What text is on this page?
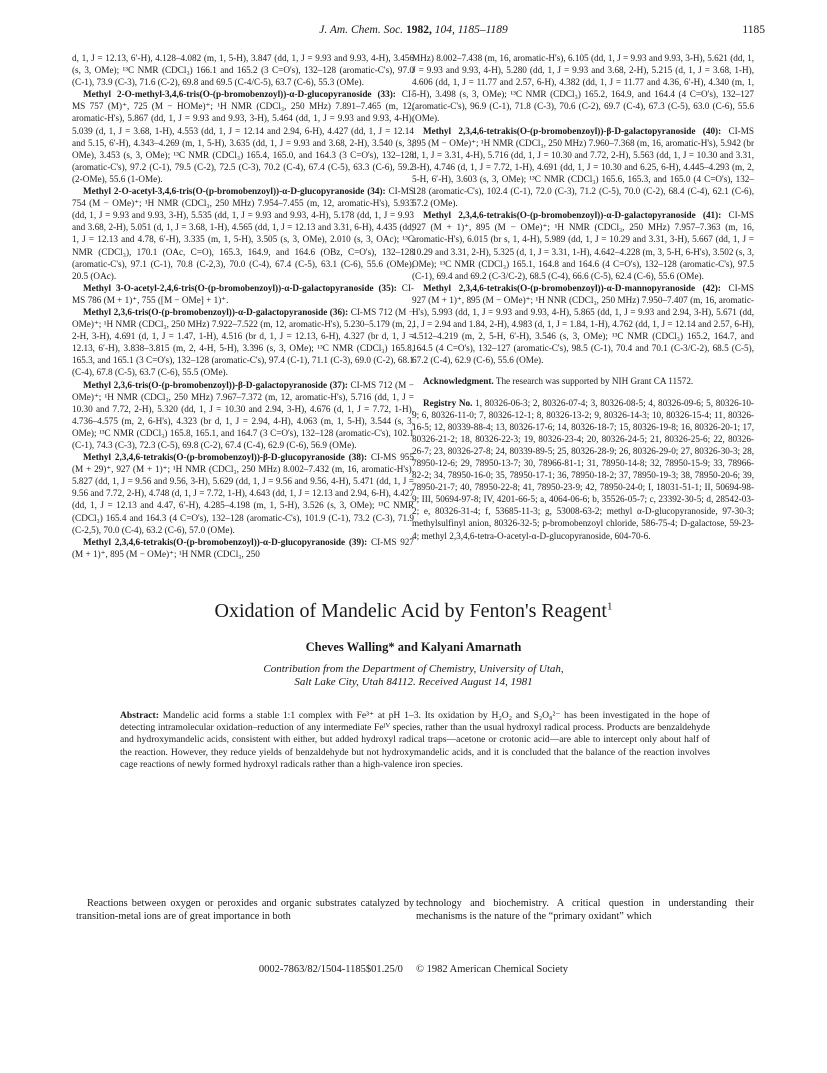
J. Am. Chem. Soc. 1982, 104, 1185–1189	1185

d, 1, J = 12.13, 6′-H), 4.128–4.082 (m, 1, 5-H), 3.847 (dd, 1, J = 9.93 and 9.93, 4-H), 3.456 (s, 3, OMe); ¹³C NMR (CDCl₃) 166.1 and 165.2 (3 C=O's), 132–128 (aromatic-C's), 97.0 (C-1), 73.9 (C-3), 71.6 (C-2), 69.8 and 69.5 (C-4/C-5), 63.7 (C-6), 55.3 (OMe).

Methyl 2-O-methyl-3,4,6-tris(O-(p-bromobenzoyl))-α-D-glucopyranoside (33): CI-MS 757 (M)⁺, 725 (M − HOMe)⁺; ¹H NMR (CDCl₃, 250 MHz) 7.891–7.465 (m, 12, aromatic-H's), 5.867 (dd, 1, J = 9.93 and 9.93, 3-H), 5.464 (dd, 1, J = 9.93 and 9.93, 4-H), 5.039 (d, 1, J = 3.68, 1-H), 4.553 (dd, 1, J = 12.14 and 2.94, 6-H), 4.427 (dd, 1, J = 12.14 and 5.15, 6′-H), 4.343–4.269 (m, 1, 5-H), 3.635 (dd, 1, J = 9.93 and 3.68, 2-H), 3.540 (s, 3, OMe), 3.453 (s, 3, OMe); ¹³C NMR (CDCl₃) 165.4, 165.0, and 164.3 (3 C=O's), 132–128 (aromatic-C's), 97.2 (C-1), 79.5 (C-2), 72.5 (C-3), 70.2 (C-4), 67.4 (C-5), 63.3 (C-6), 59.2 (2-OMe), 55.6 (1-OMe).

Methyl 2-O-acetyl-3,4,6-tris(O-(p-bromobenzoyl))-α-D-glucopyranoside (34): CI-MS 754 (M − OMe)⁺; ¹H NMR (CDCl₃, 250 MHz) 7.954–7.455 (m, 12, aromatic-H's), 5.933 (dd, 1, J = 9.93 and 9.93, 3-H), 5.535 (dd, 1, J = 9.93 and 9.93, 4-H), 5.178 (dd, 1, J = 9.93 and 3.68, 2-H), 5.051 (d, 1, J = 3.68, 1-H), 4.565 (dd, 1, J = 12.13 and 3.31, 6-H), 4.435 (dd, 1, J = 12.13 and 4.78, 6′-H), 3.335 (m, 1, 5-H), 3.505 (s, 3, OMe), 2.010 (s, 3, OAc); ¹³C NMR (CDCl₃), 170.1 (OAc, C=O), 165.3, 164.9, and 164.6 (OBz, C=O's), 132–128 (aromatic-C's), 97.1 (C-1), 70.8 (C-2,3), 70.0 (C-4), 67.4 (C-5), 63.1 (C-6), 55.6 (OMe), 20.5 (OAc).

Methyl 3-O-acetyl-2,4,6-tris(O-(p-bromobenzoyl))-α-D-galactopyranoside (35): CI-MS 786 (M + 1)⁺, 755 ([M − OMe] + 1)⁺.

Methyl 2,3,6-tris(O-(p-bromobenzoyl))-α-D-galactopyranoside (36): CI-MS 712 (M − OMe)⁺; ¹H NMR (CDCl₃, 250 MHz) 7.922–7.522 (m, 12, aromatic-H's), 5.230–5.179 (m, 2, 2-H, 3-H), 4.691 (d, 1, J = 1.47, 1-H), 4.516 (br d, 1, J = 12.13, 6-H), 4.327 (br d, 1, J = 12.13, 6′-H), 3.838–3.815 (m, 2, 4-H, 5-H), 3.396 (s, 3, OMe); ¹³C NMR (CDCl₃) 165.8, 165.3, and 165.1 (3 C=O's), 132–128 (aromatic-C's), 97.4 (C-1), 71.1 (C-3), 69.0 (C-2), 68.1 (C-4), 67.8 (C-5), 63.7 (C-6), 55.5 (OMe).

Methyl 2,3,6-tris(O-(p-bromobenzoyl))-β-D-galactopyranoside (37): CI-MS 712 (M − OMe)⁺; ¹H NMR (CDCl₃, 250 MHz) 7.967–7.372 (m, 12, aromatic-H's), 5.716 (dd, 1, J = 10.30 and 7.72, 2-H), 5.320 (dd, 1, J = 10.30 and 2.94, 3-H), 4.676 (d, 1, J = 7.72, 1-H), 4.736–4.575 (m, 2, 6-H's), 4.323 (br d, 1, J = 2.94, 4-H), 4.063 (m, 1, 5-H), 3.544 (s, 3, OMe); ¹³C NMR (CDCl₃) 165.8, 165.1, and 164.7 (3 C=O's), 132–128 (aromatic-C's), 102.1 (C-1), 74.3 (C-3), 72.3 (C-5), 69.8 (C-2), 67.4 (C-4), 62.9 (C-6), 56.9 (OMe).

Methyl 2,3,4,6-tetrakis(O-(p-bromobenzoyl))-β-D-glucopyranoside (38): CI-MS 955 (M + 29)⁺, 927 (M + 1)⁺; ¹H NMR (CDCl₃, 250 MHz) 8.002–7.432 (m, 16, aromatic-H's), 5.827 (dd, 1, J = 9.56 and 9.56, 3-H), 5.629 (dd, 1, J = 9.56 and 9.56, 4-H), 5.471 (dd, 1, J = 9.56 and 7.72, 2-H), 4.748 (d, 1, J = 7.72, 1-H), 4.643 (dd, 1, J = 12.13 and 2.94, 6-H), 4.427 (dd, 1, J = 12.13 and 4.47, 6′-H), 4.285–4.198 (m, 1, 5-H), 3.526 (s, 3, OMe); ¹³C NMR (CDCl₃) 165.4 and 164.3 (4 C=O's), 132–128 (aromatic-C's), 101.9 (C-1), 73.2 (C-3), 71.9 (C-2,5), 70.0 (C-4), 63.2 (C-6), 57.0 (OMe).

Methyl 2,3,4,6-tetrakis(O-(p-bromobenzoyl))-α-D-glucopyranoside (39): CI-MS 927 (M + 1)⁺, 895 (M − OMe)⁺; ¹H NMR (CDCl₃, 250

MHz) 8.002–7.438 (m, 16, aromatic-H's), 6.105 (dd, 1, J = 9.93 and 9.93, 3-H), 5.621 (dd, 1, J = 9.93 and 9.93, 4-H), 5.280 (dd, 1, J = 9.93 and 3.68, 2-H), 5.215 (d, 1, J = 3.68, 1-H), 4.606 (dd, 1, J = 11.77 and 2.57, 6-H), 4.382 (dd, 1, J = 11.77 and 4.36, 6′-H), 4.340 (m, 1, 5-H), 3.498 (s, 3, OMe); ¹³C NMR (CDCl₃) 165.2, 164.9, and 164.4 (4 C=O's), 132–127 (aromatic-C's), 96.9 (C-1), 71.8 (C-3), 70.6 (C-2), 69.7 (C-4), 67.3 (C-5), 63.0 (C-6), 55.6 (OMe).

Methyl 2,3,4,6-tetrakis(O-(p-bromobenzoyl))-β-D-galactopyranoside (40): CI-MS 895 (M − OMe)⁺; ¹H NMR (CDCl₃, 250 MHz) 7.960–7.368 (m, 16, aromatic-H's), 5.942 (br d, 1, J = 3.31, 4-H), 5.716 (dd, 1, J = 10.30 and 7.72, 2-H), 5.563 (dd, 1, J = 10.30 and 3.31, 3-H), 4.746 (d, 1, J = 7.72, 1-H), 4.691 (dd, 1, J = 10.30 and 6.25, 6-H), 4.445–4.293 (m, 2, 5-H, 6′-H), 3.603 (s, 3, OMe); ¹³C NMR (CDCl₃) 165.6, 165.3, and 165.0 (4 C=O's), 132–128 (aromatic-C's), 102.4 (C-1), 72.0 (C-3), 71.2 (C-5), 70.0 (C-2), 68.4 (C-4), 62.1 (C-6), 57.2 (OMe).

Methyl 2,3,4,6-tetrakis(O-(p-bromobenzoyl))-α-D-galactopyranoside (41): CI-MS 927 (M + 1)⁺, 895 (M − OMe)⁺; ¹H NMR (CDCl₃, 250 MHz) 7.957–7.363 (m, 16, aromatic-H's), 6.015 (br s, 1, 4-H), 5.989 (dd, 1, J = 10.29 and 3.31, 3-H), 5.667 (dd, 1, J = 10.29 and 3.31, 2-H), 5.325 (d, 1, J = 3.31, 1-H), 4.642–4.228 (m, 3, 5-H, 6-H's), 3.502 (s, 3, OMe); ¹³C NMR (CDCl₃) 165.1, 164.8 and 164.6 (4 C=O's), 132–128 (aromatic-C's), 97.5 (C-1), 69.4 and 69.2 (C-3/C-2), 68.5 (C-4), 66.6 (C-5), 62.4 (C-6), 55.6 (OMe).

Methyl 2,3,4,6-tetrakis(O-(p-bromobenzoyl))-α-D-mannopyranoside (42): CI-MS 927 (M + 1)⁺, 895 (M − OMe)⁺; ¹H NNR (CDCl₃, 250 MHz) 7.950–7.407 (m, 16, aromatic-H's), 5.993 (dd, 1, J = 9.93 and 9.93, 4-H), 5.865 (dd, 1, J = 9.93 and 2.94, 3-H), 5.671 (dd, 1, J = 2.94 and 1.84, 2-H), 4.983 (d, 1, J = 1.84, 1-H), 4.762 (dd, 1, J = 12.14 and 2.57, 6-H), 4.512–4.219 (m, 2, 5-H, 6′-H), 3.546 (s, 3, OMe); ¹³C NMR (CDCl₃) 165.2, 164.7, and 164.5 (4 C=O's), 132–127 (aromatic-C's), 98.5 (C-1), 70.4 and 70.1 (C-3/C-2), 68.5 (C-5), 67.2 (C-4), 62.9 (C-6), 55.6 (OMe).

Acknowledgment. The research was supported by NIH Grant CA 11572.

Registry No. 1, 80326-06-3; 2, 80326-07-4; 3, 80326-08-5; 4, 80326-09-6; 5, 80326-10-9; 6, 80326-11-0; 7, 80326-12-1; 8, 80326-13-2; 9, 80326-14-3; 10, 80326-15-4; 11, 80326-16-5; 12, 80339-88-4; 13, 80326-17-6; 14, 80326-18-7; 15, 80326-19-8; 16, 80326-20-1; 17, 80326-21-2; 18, 80326-22-3; 19, 80326-23-4; 20, 80326-24-5; 21, 80326-25-6; 22, 80326-26-7; 23, 80326-27-8; 24, 80339-89-5; 25, 80326-28-9; 26, 80326-29-0; 27, 80326-30-3; 28, 78950-12-6; 29, 78950-13-7; 30, 78966-81-1; 31, 78950-14-8; 32, 78950-15-9; 33, 78966-82-2; 34, 78950-16-0; 35, 78950-17-1; 36, 78950-18-2; 37, 78950-19-3; 38, 78950-20-6; 39, 78950-21-7; 40, 78950-22-8; 41, 78950-23-9; 42, 78950-24-0; I, 18031-51-1; II, 50694-98-9; III, 50694-97-8; IV, 4201-66-5; a, 4064-06-6; b, 35526-05-7; c, 23392-30-5; d, 28542-03-2; e, 80326-31-4; f, 53685-11-3; g, 53008-63-2; methyl α-D-glucopyranoside, 97-30-3; methylsulfinyl anion, 80326-32-5; p-bromobenzoyl chloride, 586-75-4; D-galactose, 59-23-4; methyl 2,3,4,6-tetra-O-acetyl-α-D-glucopyranoside, 604-70-6.

Oxidation of Mandelic Acid by Fenton's Reagent$^1$
Cheves Walling* and Kalyani Amarnath
Contribution from the Department of Chemistry, University of Utah,
Salt Lake City, Utah 84112. Received August 14, 1981
Abstract: Mandelic acid forms a stable 1:1 complex with Fe³⁺ at pH 1–3. Its oxidation by H₂O₂ and S₂O₈²⁻ has been investigated in the hope of detecting intramolecular oxidation–reduction of any intermediate Feᴵⱽ species, rather than the usual hydroxyl radical process. Products are benzaldehyde and hydroxymandelic acids, consistent with either, but added hydroxyl radical traps—acetone or crotonic acid—are able to intercept only about half of the reaction. However, they reduce yields of benzaldehyde but not hydroxymandelic acids, and it is concluded that the balance of the reaction involves cage reactions of newly formed hydroxyl radicals rather than a high-valence iron species.
Reactions between oxygen or peroxides and organic substrates catalyzed by transition-metal ions are of great importance in both
technology and biochemistry. A critical question in understanding their mechanisms is the nature of the “primary oxidant” which
0002-7863/82/1504-1185$01.25/0 © 1982 American Chemical Society
